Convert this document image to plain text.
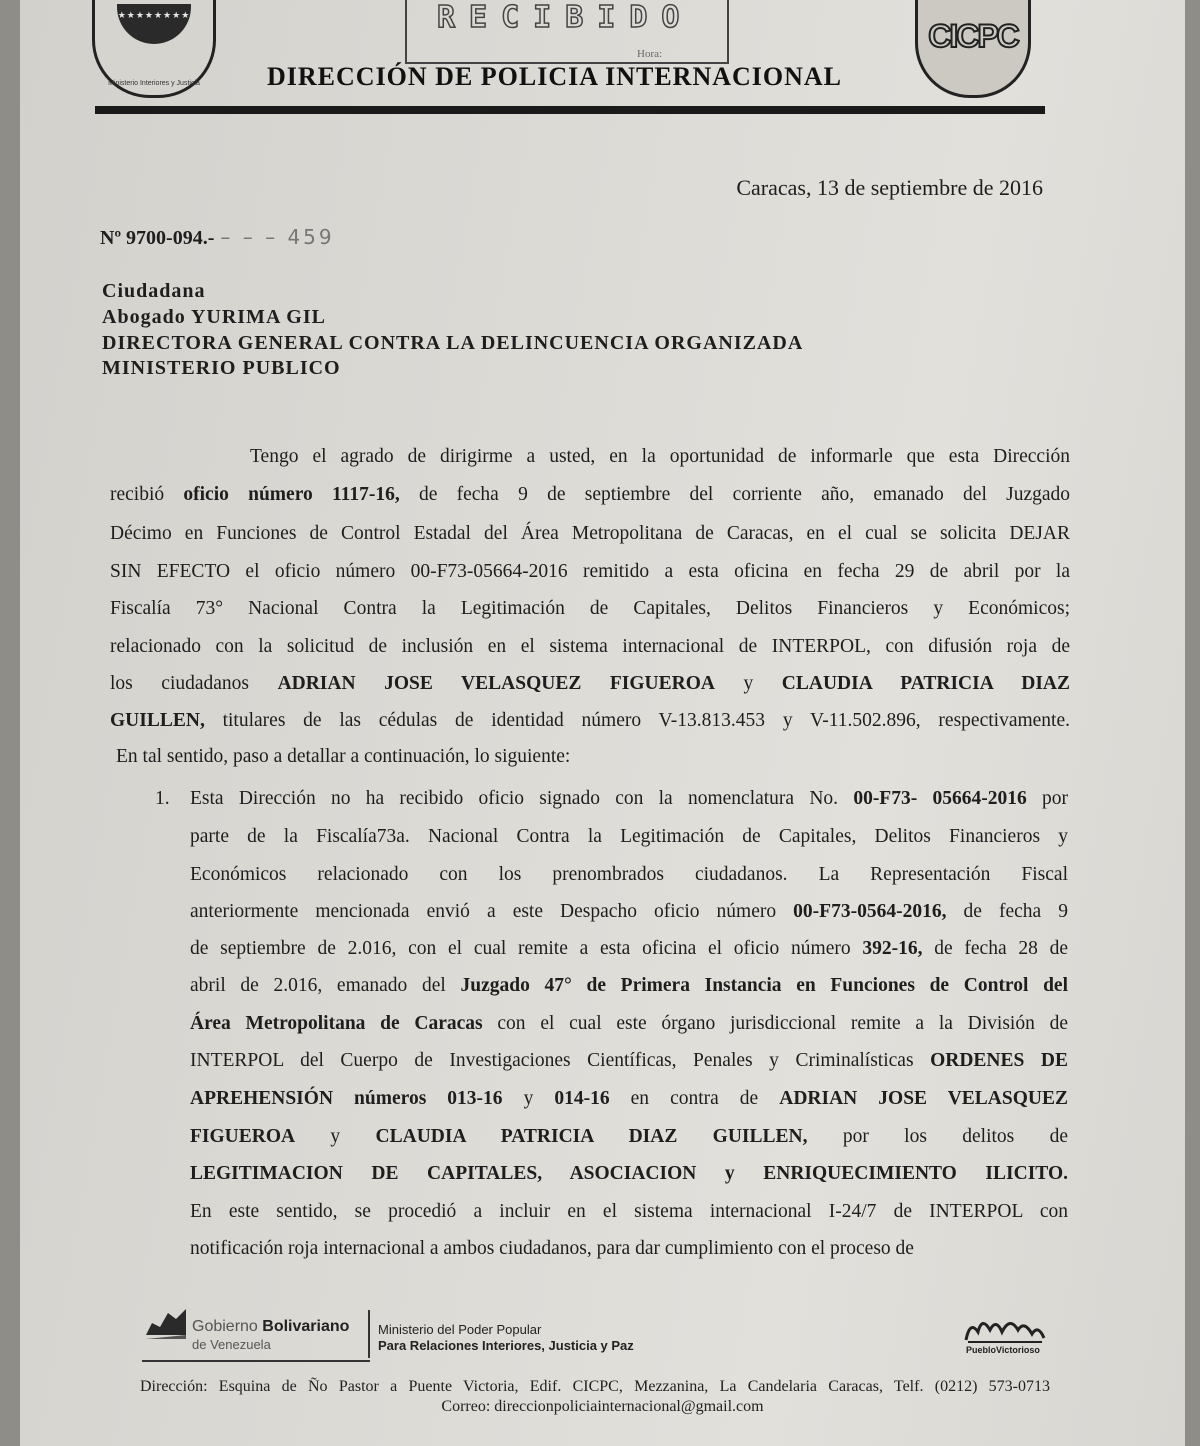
★★★★★★★★
Ministerio Interiores y Justicia
RECIBIDO
Hora:
DIRECCIÓN DE POLICIA INTERNACIONAL
CICPC
Caracas, 13 de septiembre de 2016
Nº 9700-094.- – – – 459
Ciudadana
Abogado YURIMA GIL
DIRECTORA GENERAL CONTRA LA DELINCUENCIA ORGANIZADA
MINISTERIO PUBLICO
Tengo el agrado de dirigirme a usted, en la oportunidad de informarle que esta Dirección
recibió oficio número 1117-16, de fecha 9 de septiembre del corriente año, emanado del Juzgado
Décimo en Funciones de Control Estadal del Área Metropolitana de Caracas, en el cual se solicita DEJAR
SIN EFECTO el oficio número 00-F73-05664-2016 remitido a esta oficina en fecha 29 de abril por la
Fiscalía 73° Nacional Contra la Legitimación de Capitales, Delitos Financieros y Económicos;
relacionado con la solicitud de inclusión en el sistema internacional de INTERPOL, con difusión roja de
los ciudadanos ADRIAN JOSE VELASQUEZ FIGUEROA y CLAUDIA PATRICIA DIAZ
GUILLEN, titulares de las cédulas de identidad número V-13.813.453 y V-11.502.896, respectivamente.
En tal sentido, paso a detallar a continuación, lo siguiente:
1. Esta Dirección no ha recibido oficio signado con la nomenclatura No. 00-F73- 05664-2016 por
parte de la Fiscalía73a. Nacional Contra la Legitimación de Capitales, Delitos Financieros y
Económicos relacionado con los prenombrados ciudadanos. La Representación Fiscal
anteriormente mencionada envió a este Despacho oficio número 00-F73-0564-2016, de fecha 9
de septiembre de 2.016, con el cual remite a esta oficina el oficio número 392-16, de fecha 28 de
abril de 2.016, emanado del Juzgado 47° de Primera Instancia en Funciones de Control del
Área Metropolitana de Caracas con el cual este órgano jurisdiccional remite a la División de
INTERPOL del Cuerpo de Investigaciones Científicas, Penales y Criminalísticas ORDENES DE
APREHENSIÓN números 013-16 y 014-16 en contra de ADRIAN JOSE VELASQUEZ
FIGUEROA y CLAUDIA PATRICIA DIAZ GUILLEN, por los delitos de
LEGITIMACION DE CAPITALES, ASOCIACION y ENRIQUECIMIENTO ILICITO.
En este sentido, se procedió a incluir en el sistema internacional I-24/7 de INTERPOL con
notificación roja internacional a ambos ciudadanos, para dar cumplimiento con el proceso de
Gobierno Bolivariano
de Venezuela
Ministerio del Poder Popular
Para Relaciones Interiores, Justicia y Paz	PuebloVictorioso
Dirección: Esquina de Ño Pastor a Puente Victoria, Edif. CICPC, Mezzanina, La Candelaria Caracas, Telf. (0212) 573-0713
Correo: direccionpoliciainternacional@gmail.com
